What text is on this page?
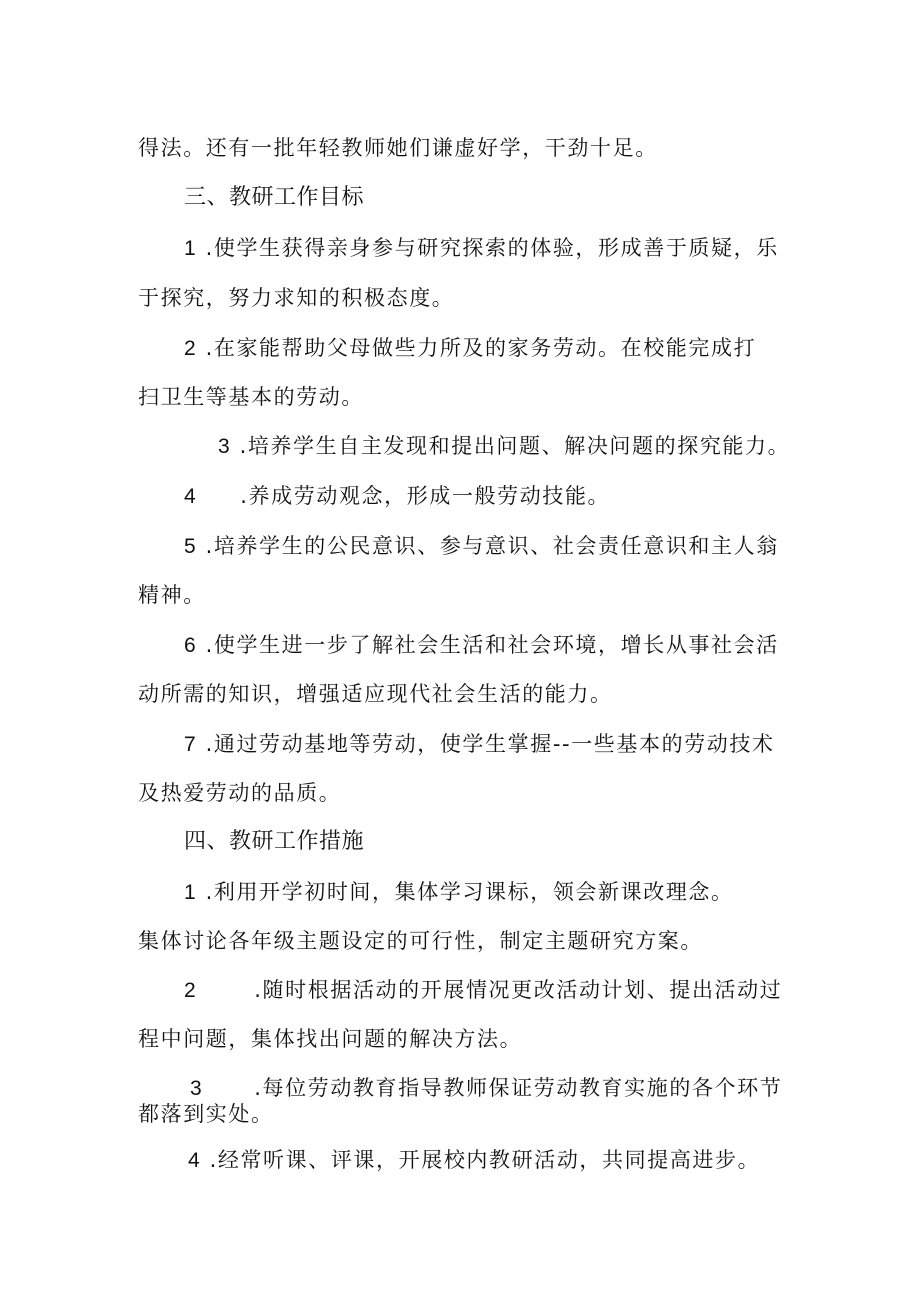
得法。还有一批年轻教师她们谦虚好学，干劲十足。
三、教研工作目标
1 .使学生获得亲身参与研究探索的体验，形成善于质疑，乐
于探究，努力求知的积极态度。
2 .在家能帮助父母做些力所及的家务劳动。在校能完成打
扫卫生等基本的劳动。
3 .培养学生自主发现和提出问题、解决问题的探究能力。
4 .养成劳动观念，形成一般劳动技能。
5 .培养学生的公民意识、参与意识、社会责任意识和主人翁
精神。
6 .使学生进一步了解社会生活和社会环境，增长从事社会活
动所需的知识，增强适应现代社会生活的能力。
7 .通过劳动基地等劳动，使学生掌握--一些基本的劳动技术
及热爱劳动的品质。
四、教研工作措施
1 .利用开学初时间，集体学习课标，领会新课改理念。
集体讨论各年级主题设定的可行性，制定主题研究方案。
2	.随时根据活动的开展情况更改活动计划、提出活动过
程中问题，集体找出问题的解决方法。
3 .每位劳动教育指导教师保证劳动教育实施的各个环节
都落到实处。
4 .经常听课、评课，开展校内教研活动，共同提高进步。
